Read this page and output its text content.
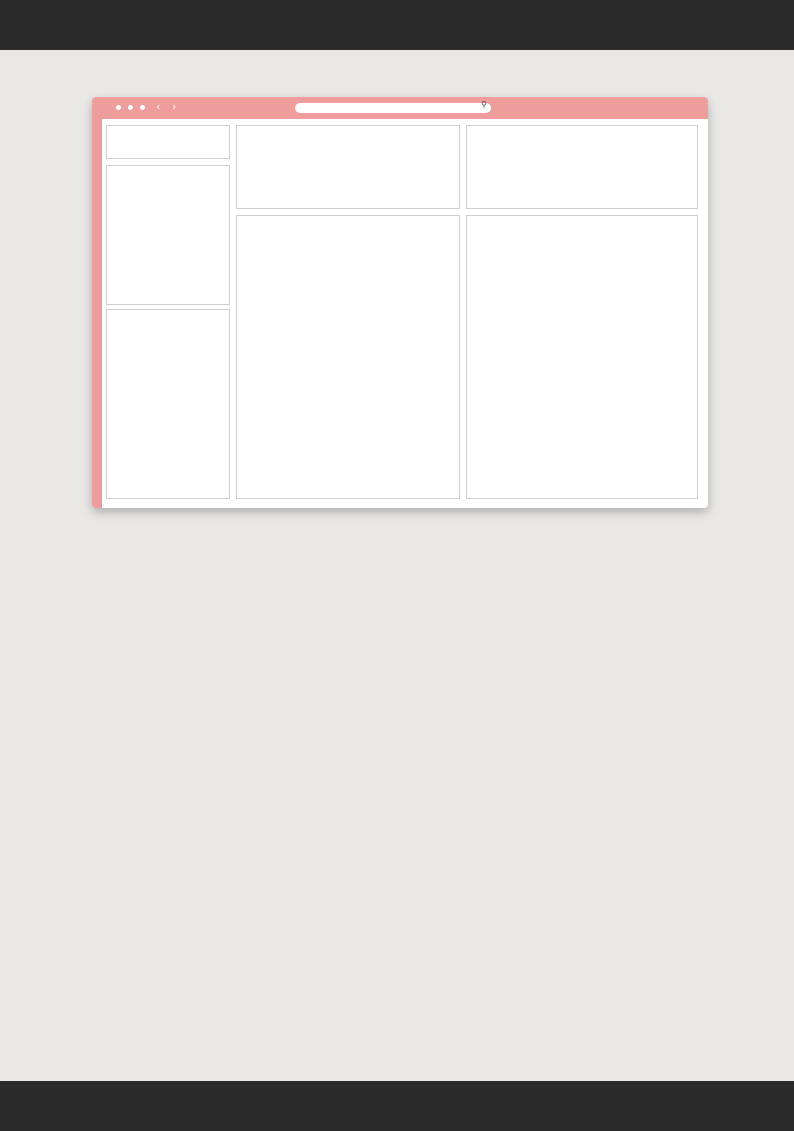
‹ ›	⚲
